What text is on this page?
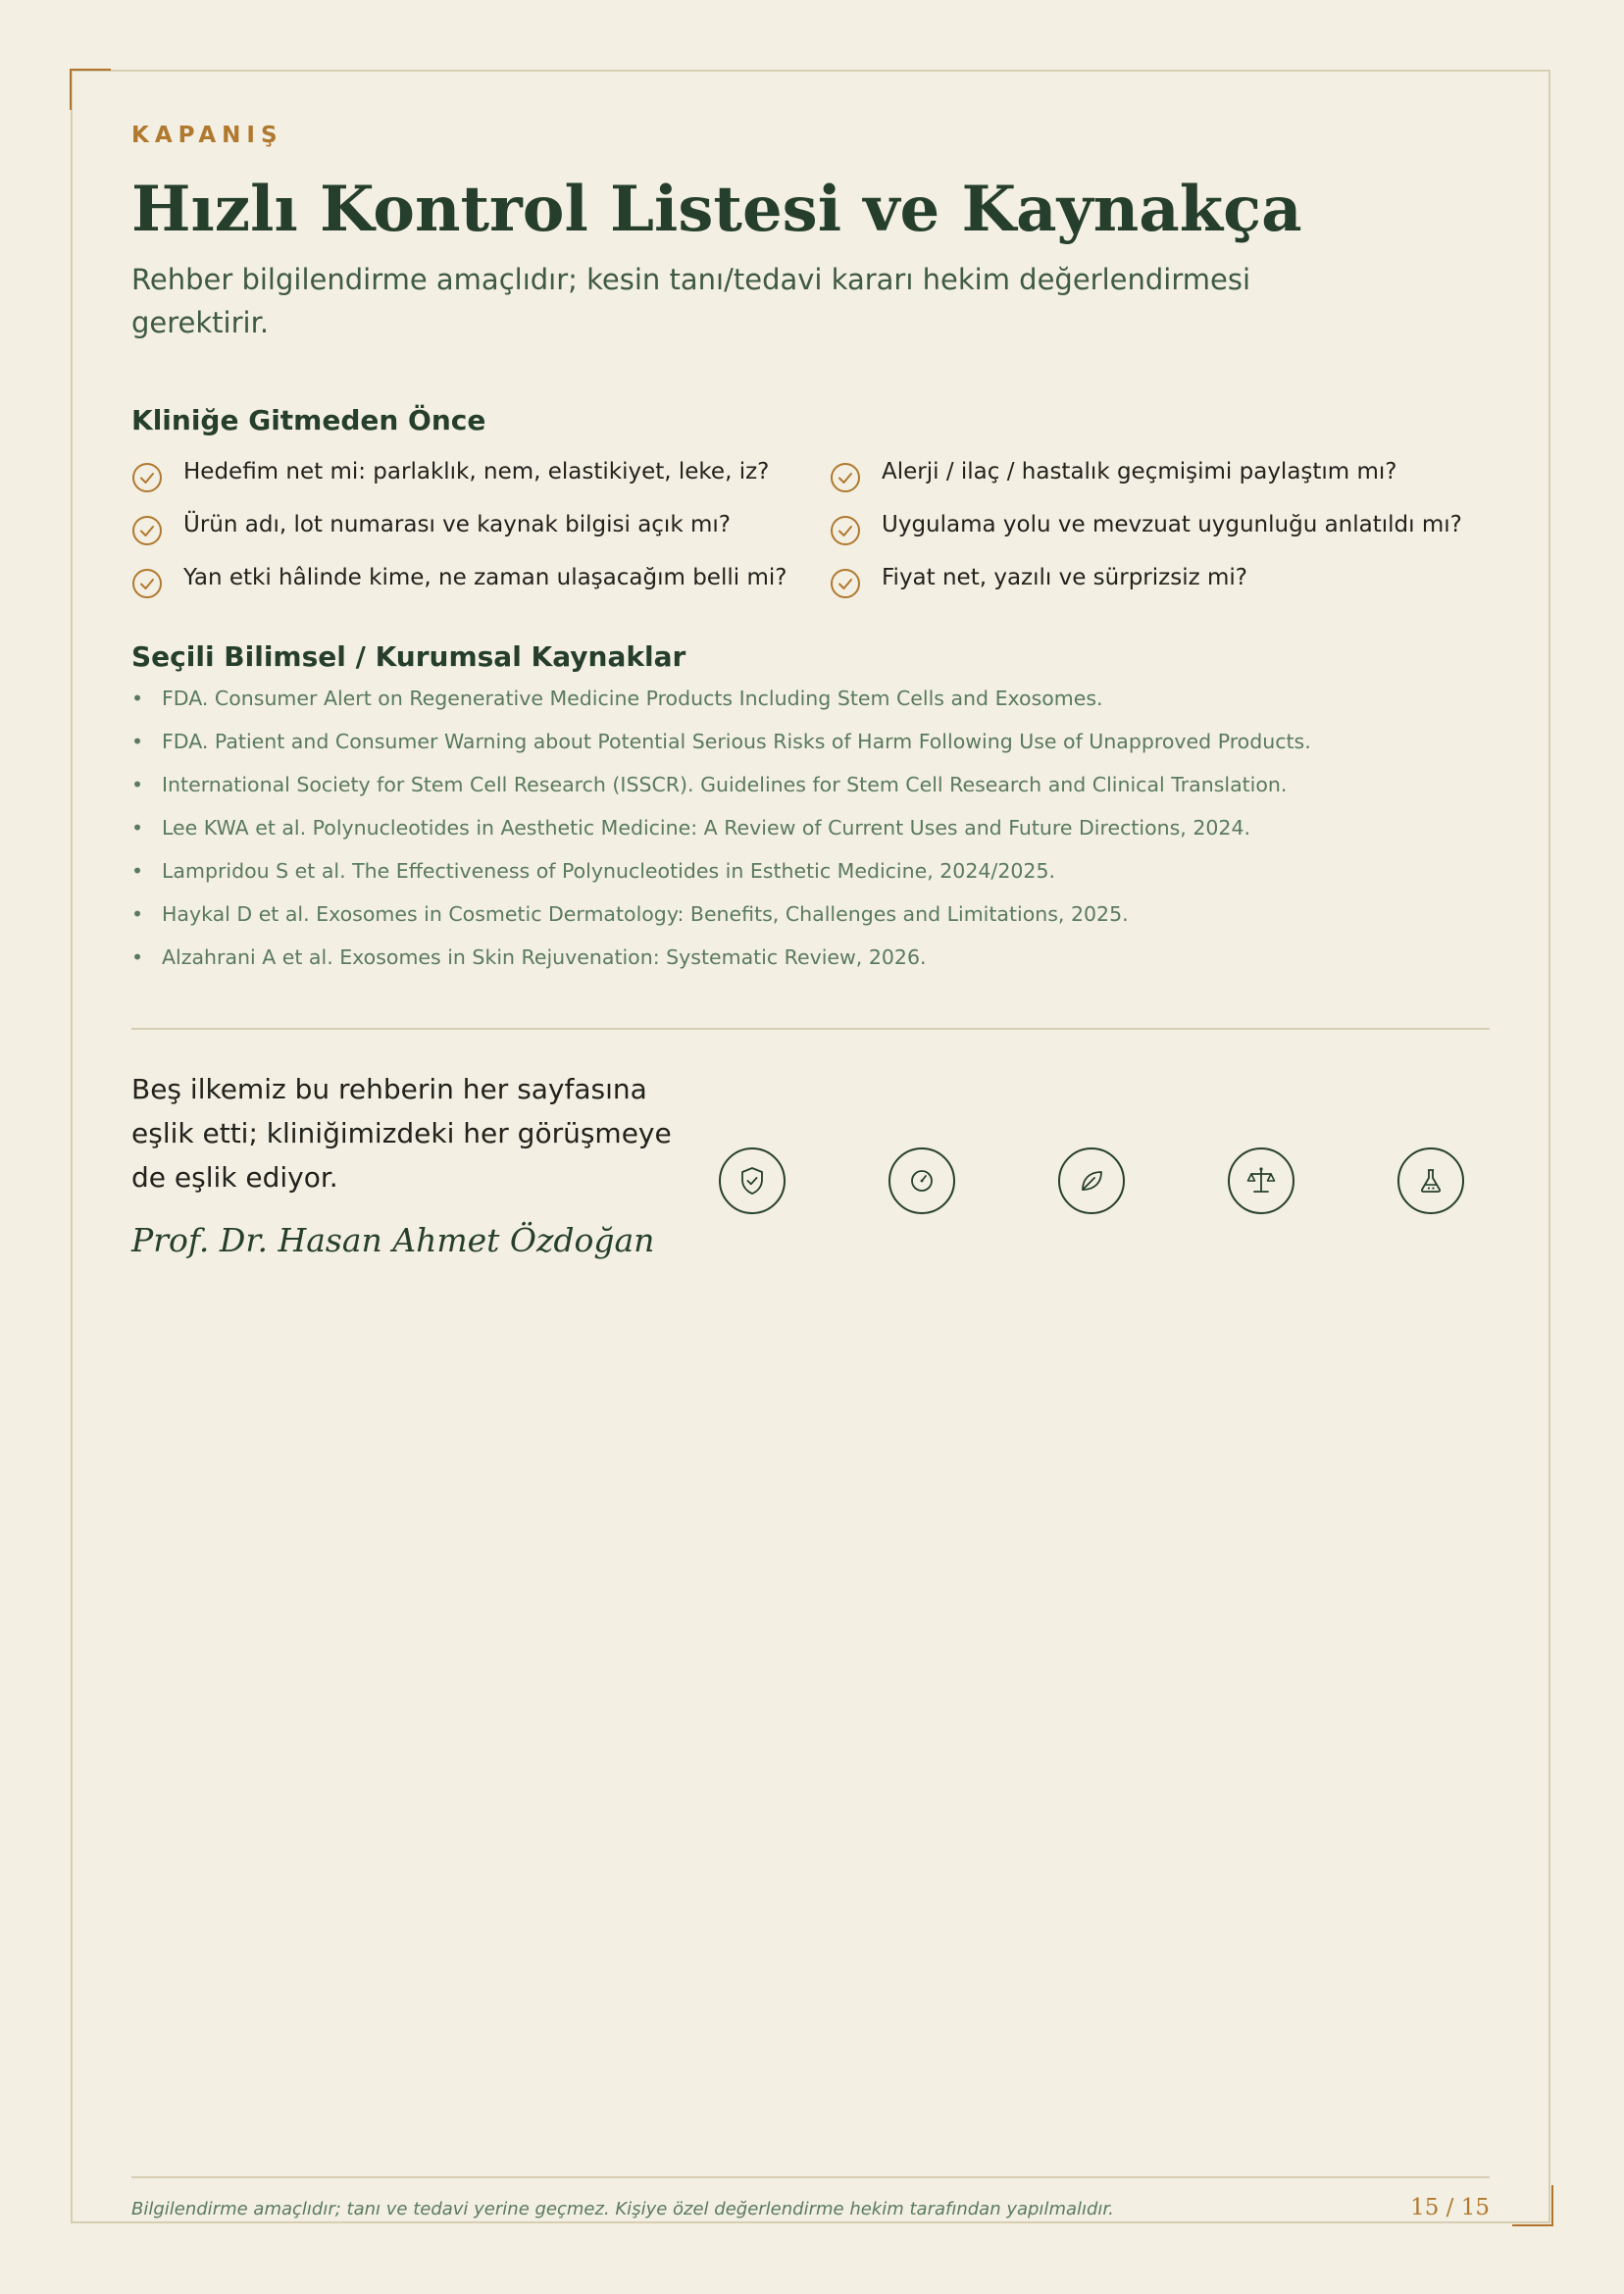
KAPANIŞ
Hızlı Kontrol Listesi ve Kaynakça
Rehber bilgilendirme amaçlıdır; kesin tanı/tedavi kararı hekim değerlendirmesi gerektirir.
Kliniğe Gitmeden Önce
Hedefim net mi: parlaklık, nem, elastikiyet, leke, iz?
Ürün adı, lot numarası ve kaynak bilgisi açık mı?
Yan etki hâlinde kime, ne zaman ulaşacağım belli mi?
Alerji / ilaç / hastalık geçmişimi paylaştım mı?
Uygulama yolu ve mevzuat uygunluğu anlatıldı mı?
Fiyat net, yazılı ve sürprizsiz mi?
Seçili Bilimsel / Kurumsal Kaynaklar
• FDA. Consumer Alert on Regenerative Medicine Products Including Stem Cells and Exosomes.
• FDA. Patient and Consumer Warning about Potential Serious Risks of Harm Following Use of Unapproved Products.
• International Society for Stem Cell Research (ISSCR). Guidelines for Stem Cell Research and Clinical Translation.
• Lee KWA et al. Polynucleotides in Aesthetic Medicine: A Review of Current Uses and Future Directions, 2024.
• Lampridou S et al. The Effectiveness of Polynucleotides in Esthetic Medicine, 2024/2025.
• Haykal D et al. Exosomes in Cosmetic Dermatology: Benefits, Challenges and Limitations, 2025.
• Alzahrani A et al. Exosomes in Skin Rejuvenation: Systematic Review, 2026.
Beş ilkemiz bu rehberin her sayfasına eşlik etti; kliniğimizdeki her görüşmeye de eşlik ediyor.
Prof. Dr. Hasan Ahmet Özdoğan
Bilgilendirme amaçlıdır; tanı ve tedavi yerine geçmez. Kişiye özel değerlendirme hekim tarafından yapılmalıdır.	15 / 15
